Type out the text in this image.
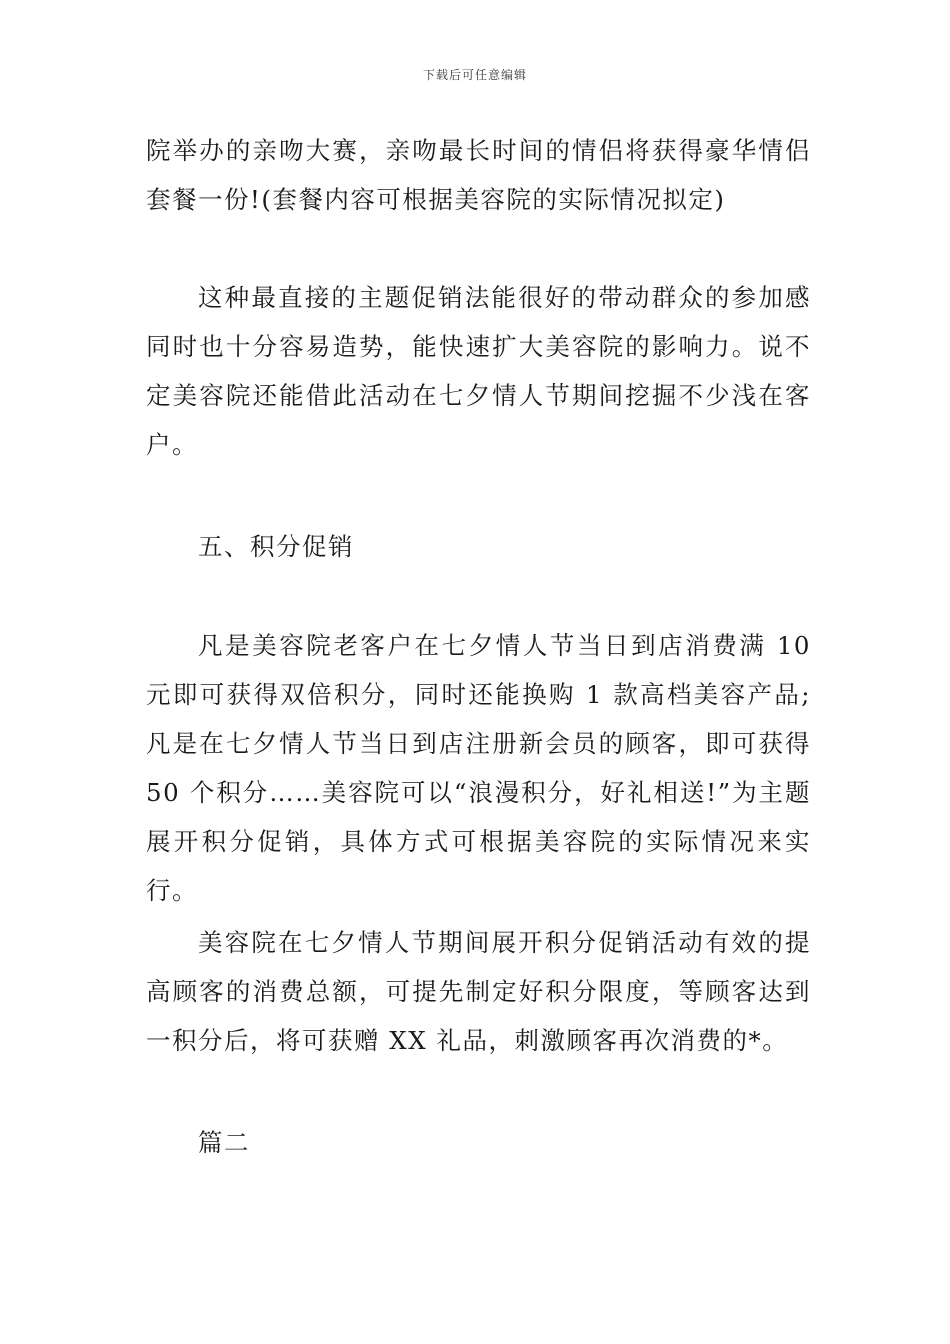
下载后可任意编辑

院举办的亲吻大赛，亲吻最长时间的情侣将获得豪华情侣套餐一份!(套餐内容可根据美容院的实际情况拟定)

这种最直接的主题促销法能很好的带动群众的参加感同时也十分容易造势，能快速扩大美容院的影响力。说不定美容院还能借此活动在七夕情人节期间挖掘不少浅在客户。

五、积分促销

凡是美容院老客户在七夕情人节当日到店消费满 10 元即可获得双倍积分，同时还能换购 1 款高档美容产品;凡是在七夕情人节当日到店注册新会员的顾客，即可获得 50 个积分……美容院可以“浪漫积分，好礼相送!”为主题展开积分促销，具体方式可根据美容院的实际情况来实行。

美容院在七夕情人节期间展开积分促销活动有效的提高顾客的消费总额，可提先制定好积分限度，等顾客达到一积分后，将可获赠 XX 礼品，刺激顾客再次消费的*。

篇二
